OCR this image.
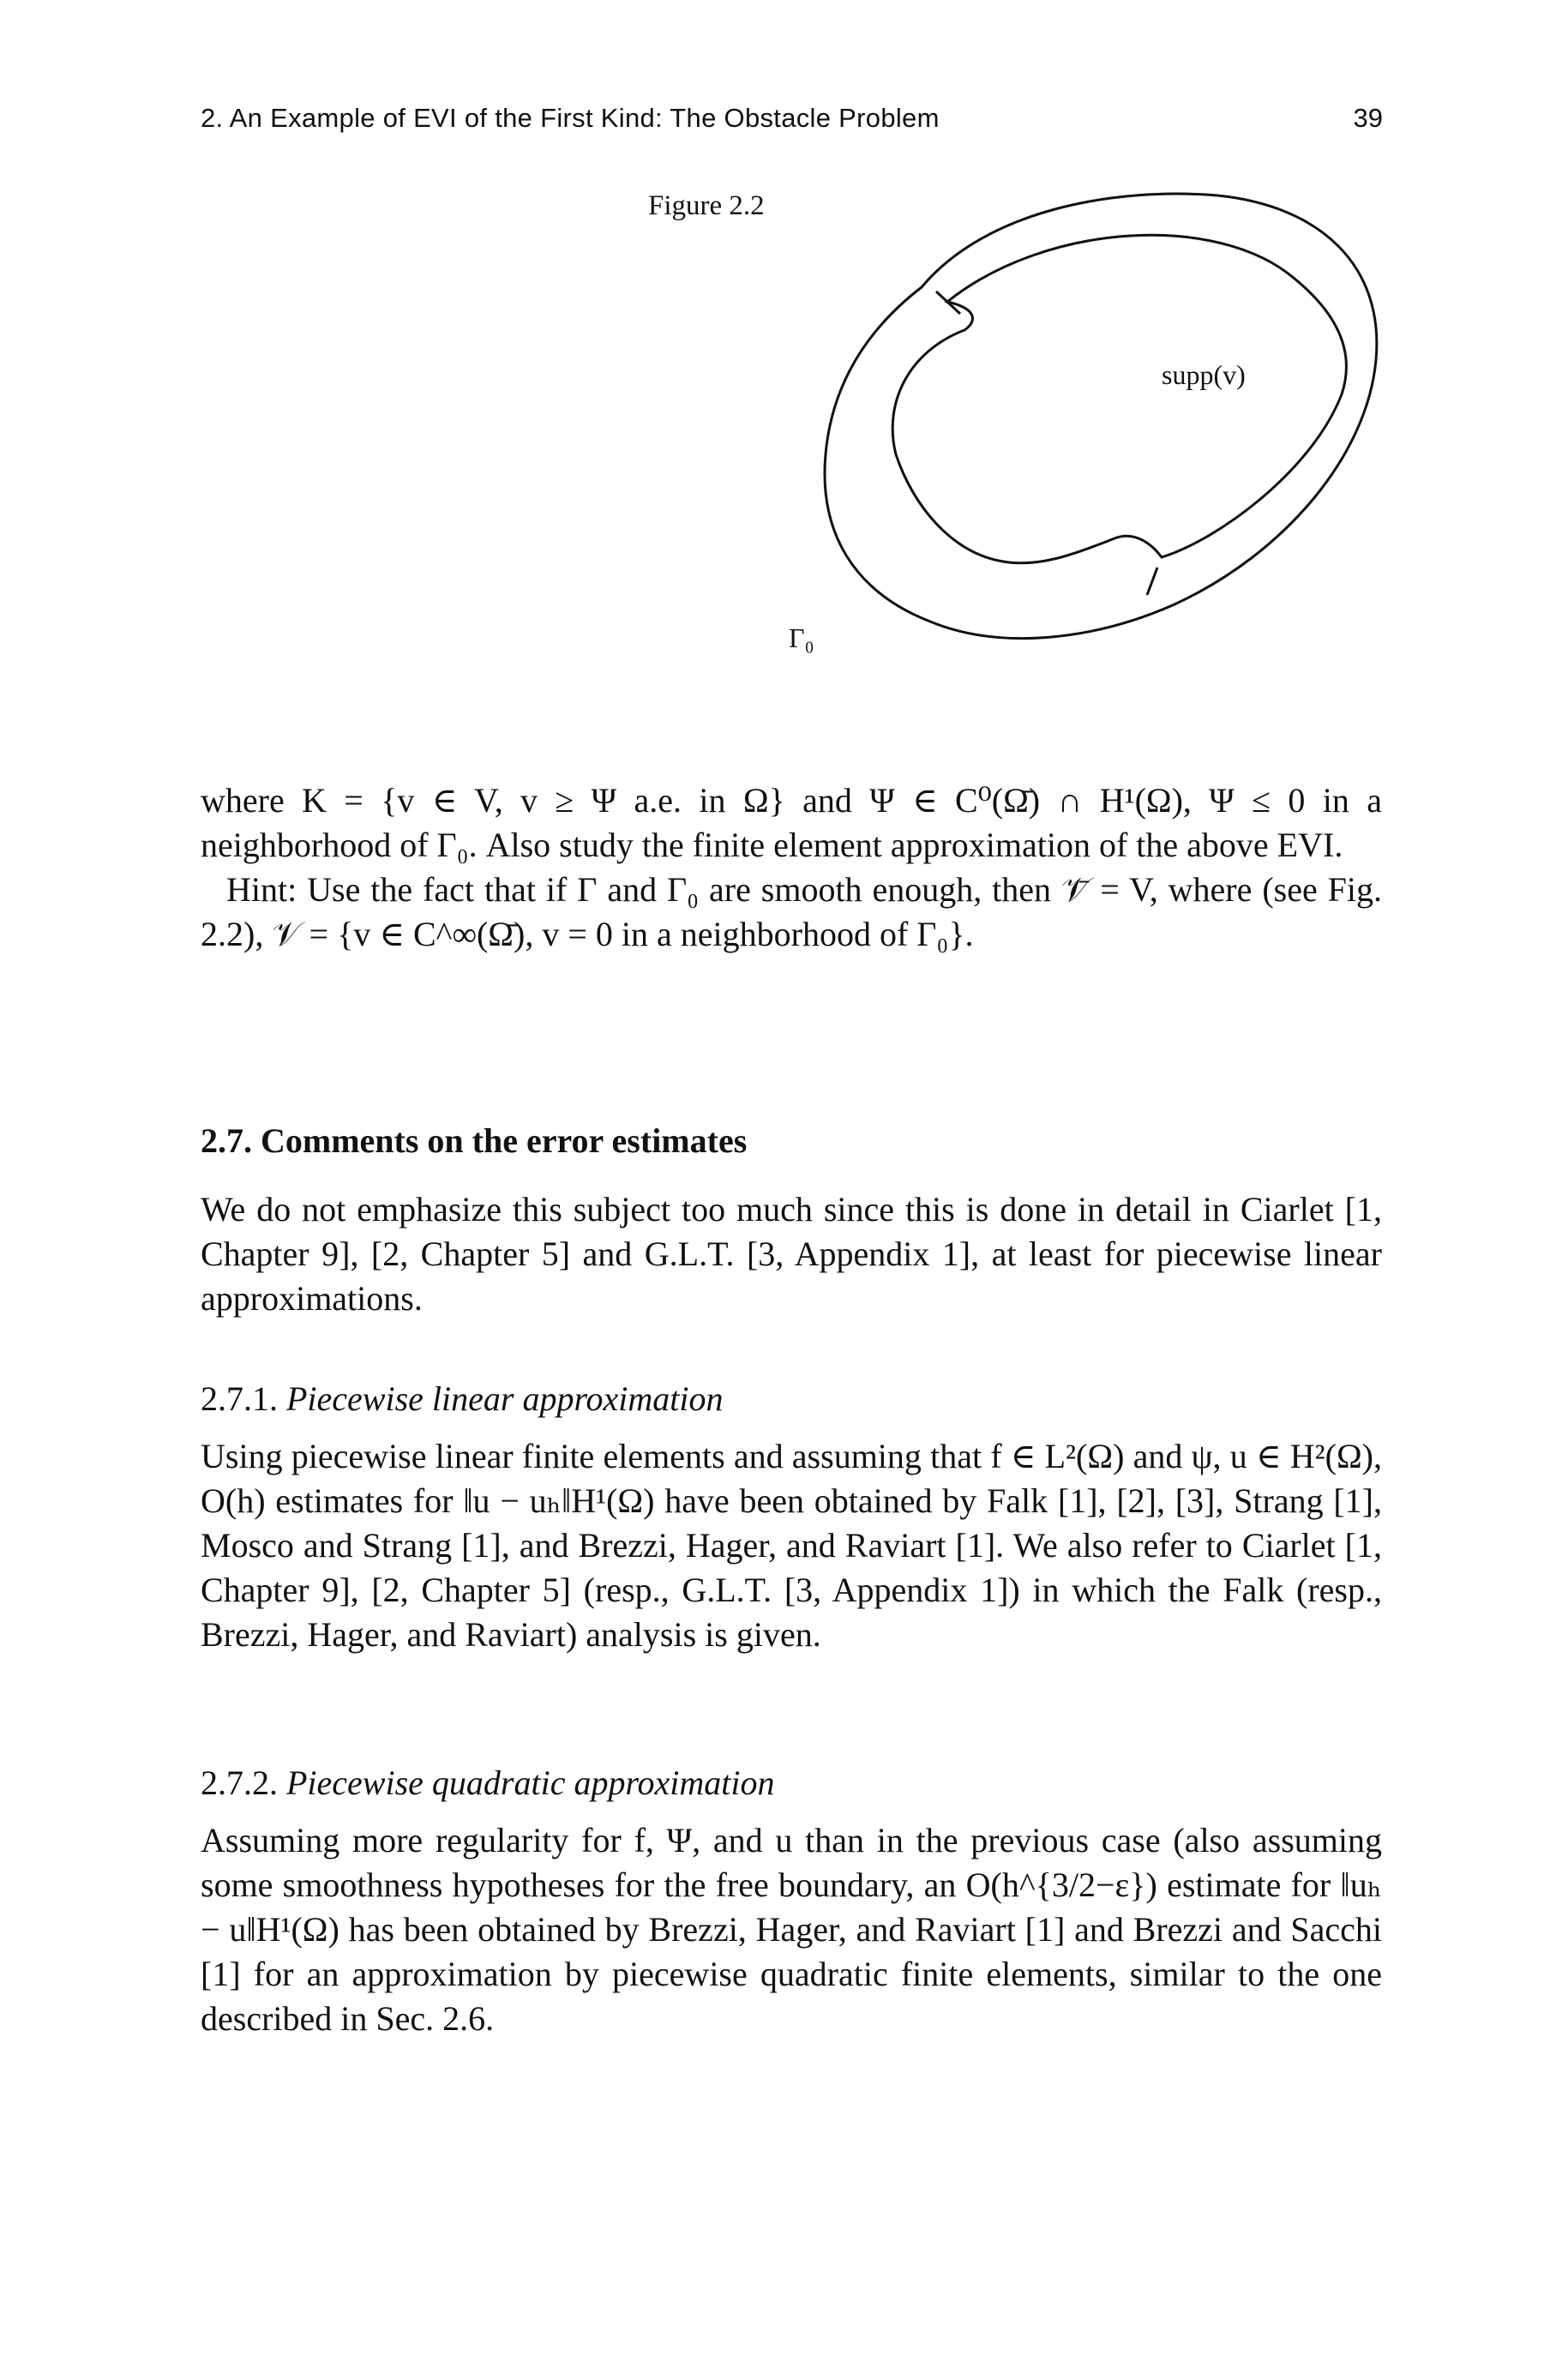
2. An Example of EVI of the First Kind: The Obstacle Problem	39
Figure 2.2
supp(v)
Γ₀

where K = {v ∈ V, v ≥ Ψ a.e. in Ω} and Ψ ∈ C⁰(Ω̄) ∩ H¹(Ω), Ψ ≤ 0 in a neighborhood of Γ₀. Also study the finite element approximation of the above EVI.

Hint: Use the fact that if Γ and Γ₀ are smooth enough, then 𝒱̄ = V, where (see Fig. 2.2), 𝒱 = {v ∈ C^∞(Ω̄), v = 0 in a neighborhood of Γ₀}.

2.7. Comments on the error estimates

We do not emphasize this subject too much since this is done in detail in Ciarlet [1, Chapter 9], [2, Chapter 5] and G.L.T. [3, Appendix 1], at least for piecewise linear approximations.

2.7.1. Piecewise linear approximation

Using piecewise linear finite elements and assuming that f ∈ L²(Ω) and ψ, u ∈ H²(Ω), O(h) estimates for ‖u − uₕ‖H¹(Ω) have been obtained by Falk [1], [2], [3], Strang [1], Mosco and Strang [1], and Brezzi, Hager, and Raviart [1]. We also refer to Ciarlet [1, Chapter 9], [2, Chapter 5] (resp., G.L.T. [3, Appendix 1]) in which the Falk (resp., Brezzi, Hager, and Raviart) analysis is given.

2.7.2. Piecewise quadratic approximation

Assuming more regularity for f, Ψ, and u than in the previous case (also assuming some smoothness hypotheses for the free boundary, an O(h^{3/2−ε}) estimate for ‖uₕ − u‖H¹(Ω) has been obtained by Brezzi, Hager, and Raviart [1] and Brezzi and Sacchi [1] for an approximation by piecewise quadratic finite elements, similar to the one described in Sec. 2.6.
